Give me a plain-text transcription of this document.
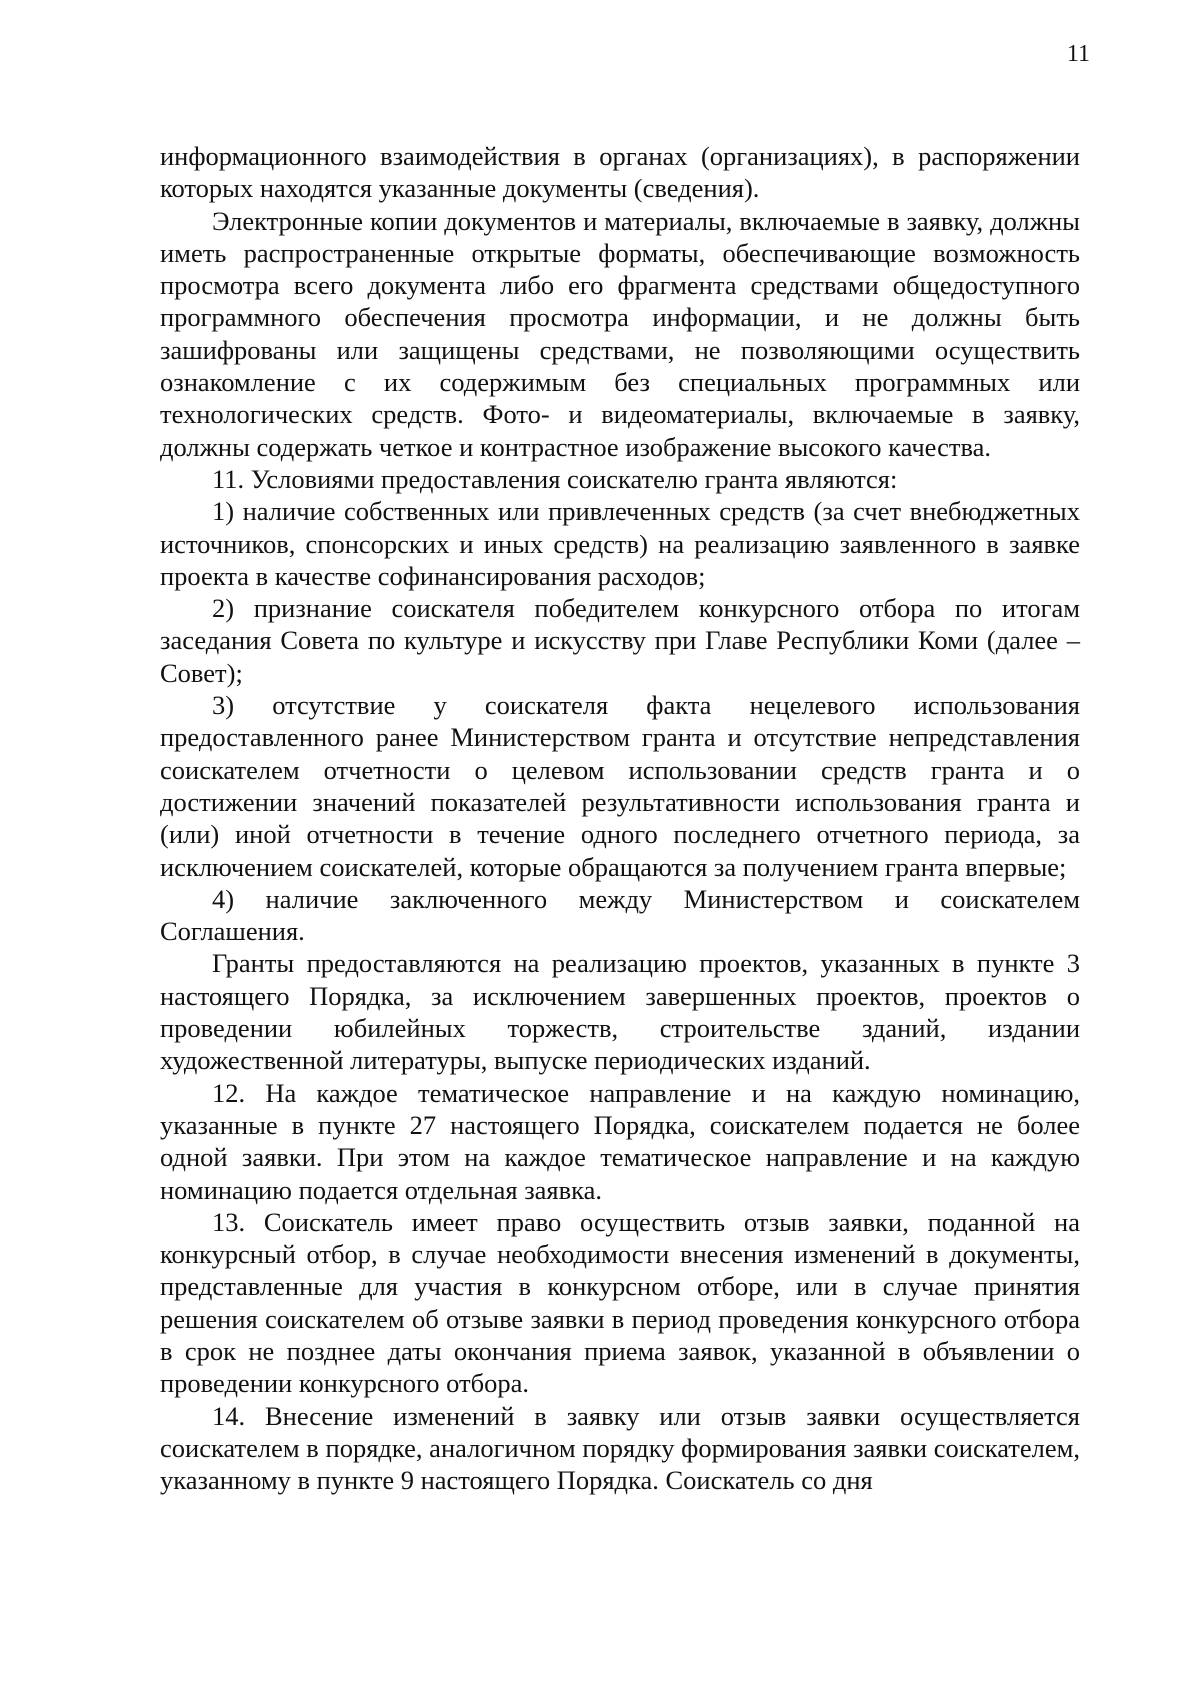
11

информационного взаимодействия в органах (организациях), в распоряжении которых находятся указанные документы (сведения).

Электронные копии документов и материалы, включаемые в заявку, должны иметь распространенные открытые форматы, обеспечивающие возможность просмотра всего документа либо его фрагмента средствами общедоступного программного обеспечения просмотра информации, и не должны быть зашифрованы или защищены средствами, не позволяющими осуществить ознакомление с их содержимым без специальных программных или технологических средств. Фото- и видеоматериалы, включаемые в заявку, должны содержать четкое и контрастное изображение высокого качества.

11. Условиями предоставления соискателю гранта являются:

1) наличие собственных или привлеченных средств (за счет внебюджетных источников, спонсорских и иных средств) на реализацию заявленного в заявке проекта в качестве софинансирования расходов;

2) признание соискателя победителем конкурсного отбора по итогам заседания Совета по культуре и искусству при Главе Республики Коми (далее – Совет);

3) отсутствие у соискателя факта нецелевого использования предоставленного ранее Министерством гранта и отсутствие непредставления соискателем отчетности о целевом использовании средств гранта и о достижении значений показателей результативности использования гранта и (или) иной отчетности в течение одного последнего отчетного периода, за исключением соискателей, которые обращаются за получением гранта впервые;

4) наличие заключенного между Министерством и соискателем Соглашения.

Гранты предоставляются на реализацию проектов, указанных в пункте 3 настоящего Порядка, за исключением завершенных проектов, проектов о проведении юбилейных торжеств, строительстве зданий, издании художественной литературы, выпуске периодических изданий.

12. На каждое тематическое направление и на каждую номинацию, указанные в пункте 27 настоящего Порядка, соискателем подается не более одной заявки. При этом на каждое тематическое направление и на каждую номинацию подается отдельная заявка.

13. Соискатель имеет право осуществить отзыв заявки, поданной на конкурсный отбор, в случае необходимости внесения изменений в документы, представленные для участия в конкурсном отборе, или в случае принятия решения соискателем об отзыве заявки в период проведения конкурсного отбора в срок не позднее даты окончания приема заявок, указанной в объявлении о проведении конкурсного отбора.

14. Внесение изменений в заявку или отзыв заявки осуществляется соискателем в порядке, аналогичном порядку формирования заявки соискателем, указанному в пункте 9 настоящего Порядка. Соискатель со дня
